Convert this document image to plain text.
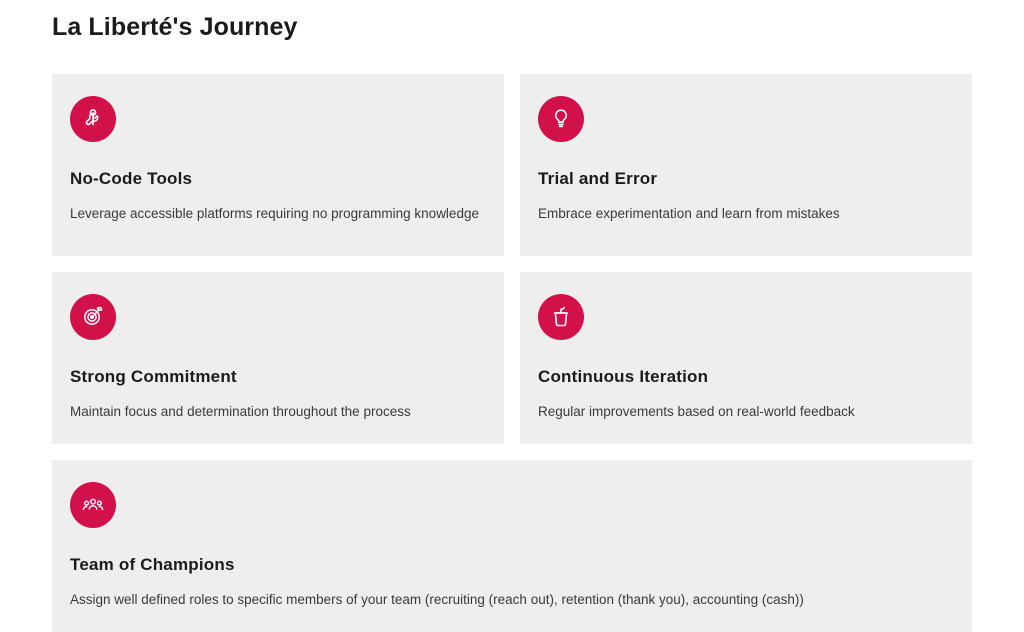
La Liberté's Journey
No-Code Tools
Leverage accessible platforms requiring no programming knowledge
Trial and Error
Embrace experimentation and learn from mistakes
Strong Commitment
Maintain focus and determination throughout the process
Continuous Iteration
Regular improvements based on real-world feedback
Team of Champions
Assign well defined roles to specific members of your team (recruiting (reach out), retention (thank you), accounting (cash))
